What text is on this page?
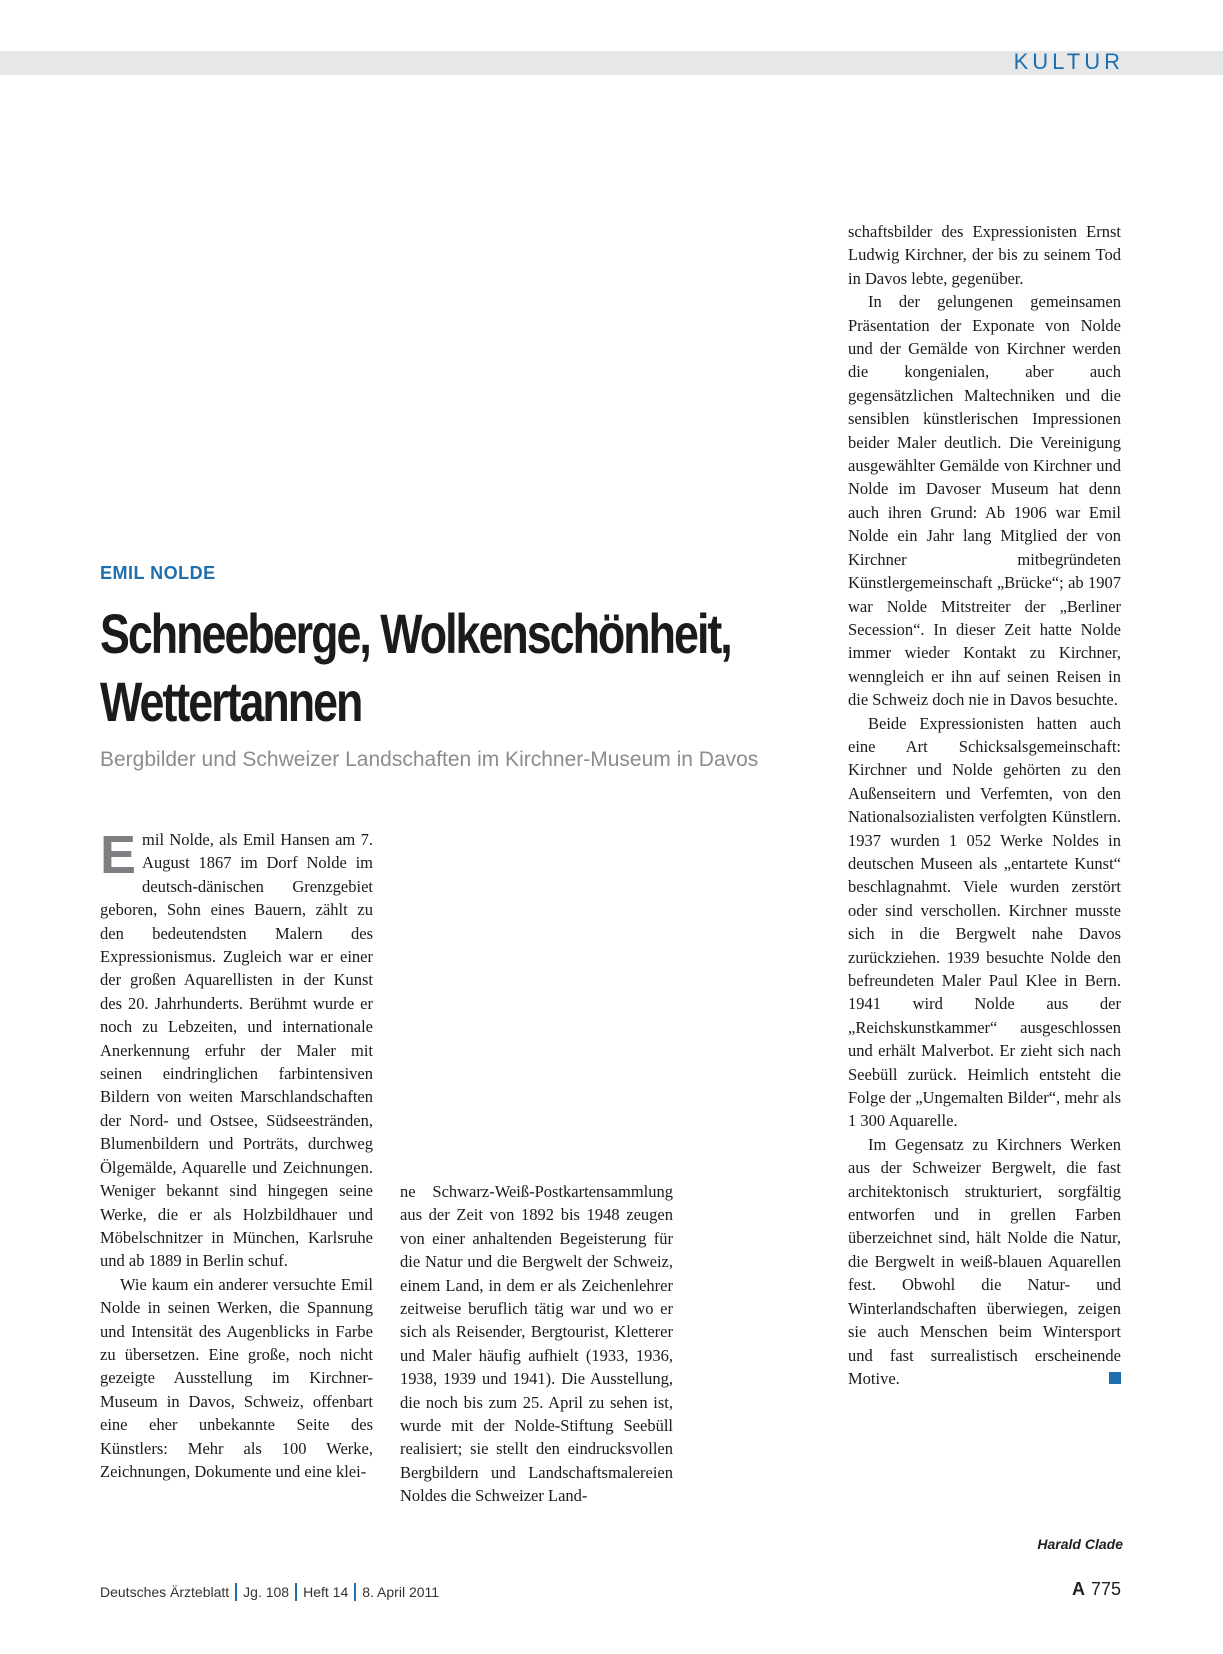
KULTUR
EMIL NOLDE
Schneeberge, Wolkenschönheit,
Wettertannen
Bergbilder und Schweizer Landschaften im Kirchner-Museum in Davos

Emil Nolde, als Emil Hansen am 7. August 1867 im Dorf Nolde im deutsch-dänischen Grenzgebiet geboren, Sohn eines Bauern, zählt zu den bedeutendsten Malern des Expressionismus. Zugleich war er einer der großen Aquarellisten in der Kunst des 20. Jahrhunderts. Berühmt wurde er noch zu Lebzeiten, und internationale Anerkennung erfuhr der Maler mit seinen eindringlichen farbintensiven Bildern von weiten Marschlandschaften der Nord- und Ostsee, Südseestränden, Blumenbildern und Porträts, durchweg Ölgemälde, Aquarelle und Zeichnungen. Weniger bekannt sind hingegen seine Werke, die er als Holzbildhauer und Möbelschnitzer in München, Karlsruhe und ab 1889 in Berlin schuf.

Wie kaum ein anderer versuchte Emil Nolde in seinen Werken, die Spannung und Intensität des Augenblicks in Farbe zu übersetzen. Eine große, noch nicht gezeigte Ausstellung im Kirchner-Museum in Davos, Schweiz, offenbart eine eher unbekannte Seite des Künstlers: Mehr als 100 Werke, Zeichnungen, Dokumente und eine klei-

ne Schwarz-Weiß-Postkartensammlung aus der Zeit von 1892 bis 1948 zeugen von einer anhaltenden Begeisterung für die Natur und die Bergwelt der Schweiz, einem Land, in dem er als Zeichenlehrer zeitweise beruflich tätig war und wo er sich als Reisender, Bergtourist, Kletterer und Maler häufig aufhielt (1933, 1936, 1938, 1939 und 1941). Die Ausstellung, die noch bis zum 25. April zu sehen ist, wurde mit der Nolde-Stiftung Seebüll realisiert; sie stellt den eindrucksvollen Bergbildern und Landschaftsmalereien Noldes die Schweizer Land-

schaftsbilder des Expressionisten Ernst Ludwig Kirchner, der bis zu seinem Tod in Davos lebte, gegenüber.

In der gelungenen gemeinsamen Präsentation der Exponate von Nolde und der Gemälde von Kirchner werden die kongenialen, aber auch gegensätzlichen Maltechniken und die sensiblen künstlerischen Impressionen beider Maler deutlich. Die Vereinigung ausgewählter Gemälde von Kirchner und Nolde im Davoser Museum hat denn auch ihren Grund: Ab 1906 war Emil Nolde ein Jahr lang Mitglied der von Kirchner mitbegründeten Künstlergemeinschaft „Brücke“; ab 1907 war Nolde Mitstreiter der „Berliner Secession“. In dieser Zeit hatte Nolde immer wieder Kontakt zu Kirchner, wenngleich er ihn auf seinen Reisen in die Schweiz doch nie in Davos besuchte.

Beide Expressionisten hatten auch eine Art Schicksalsgemeinschaft: Kirchner und Nolde gehörten zu den Außenseitern und Verfemten, von den Nationalsozialisten verfolgten Künstlern. 1937 wurden 1 052 Werke Noldes in deutschen Museen als „entartete Kunst“ beschlagnahmt. Viele wurden zerstört oder sind verschollen. Kirchner musste sich in die Bergwelt nahe Davos zurückziehen. 1939 besuchte Nolde den befreundeten Maler Paul Klee in Bern. 1941 wird Nolde aus der „Reichskunstkammer“ ausgeschlossen und erhält Malverbot. Er zieht sich nach Seebüll zurück. Heimlich entsteht die Folge der „Ungemalten Bilder“, mehr als 1 300 Aquarelle.

Im Gegensatz zu Kirchners Werken aus der Schweizer Bergwelt, die fast architektonisch strukturiert, sorgfältig entworfen und in grellen Farben überzeichnet sind, hält Nolde die Natur, die Bergwelt in weiß-blauen Aquarellen fest. Obwohl die Natur- und Winterlandschaften überwiegen, zeigen sie auch Menschen beim Wintersport und fast surrealistisch erscheinende Motive.

Harald Clade
Deutsches Ärzteblatt Jg. 108 Heft 14 8. April 2011	A 775
